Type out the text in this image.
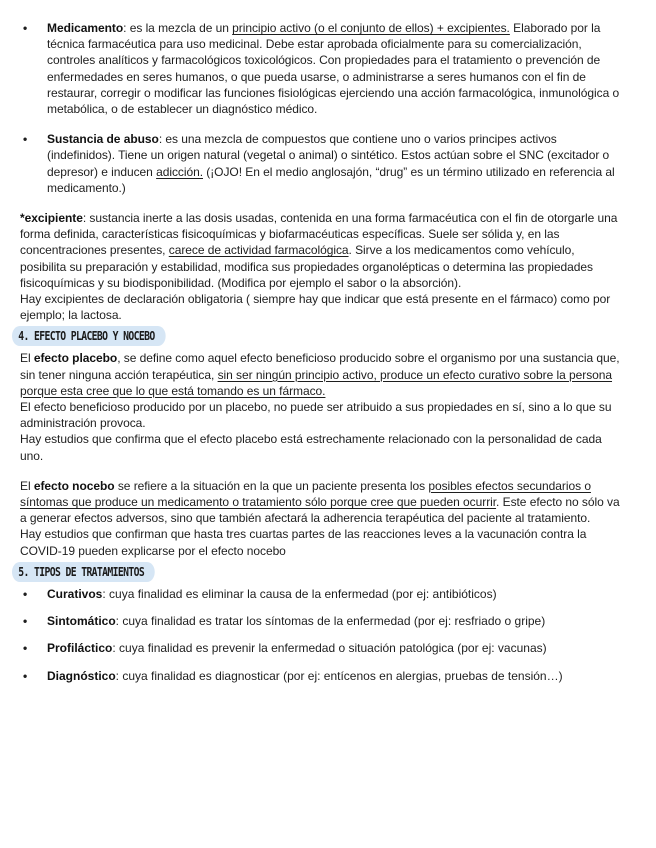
• Medicamento: es la mezcla de un principio activo (o el conjunto de ellos) + excipientes. Elaborado por la técnica farmacéutica para uso medicinal. Debe estar aprobada oficialmente para su comercialización, controles analíticos y farmacológicos toxicológicos. Con propiedades para el tratamiento o prevención de enfermedades en seres humanos, o que pueda usarse, o administrarse a seres humanos con el fin de restaurar, corregir o modificar las funciones fisiológicas ejerciendo una acción farmacológica, inmunológica o metabólica, o de establecer un diagnóstico médico.

• Sustancia de abuso: es una mezcla de compuestos que contiene uno o varios principes activos (indefinidos). Tiene un origen natural (vegetal o animal) o sintético. Estos actúan sobre el SNC (excitador o depresor) e inducen adicción. (¡OJO! En el medio anglosajón, “drug” es un término utilizado en referencia al medicamento.)

*excipiente: sustancia inerte a las dosis usadas, contenida en una forma farmacéutica con el fin de otorgarle una forma definida, características fisicoquímicas y biofarmacéuticas específicas. Suele ser sólida y, en las concentraciones presentes, carece de actividad farmacológica. Sirve a los medicamentos como vehículo, posibilita su preparación y estabilidad, modifica sus propiedades organolépticas o determina las propiedades fisicoquímicas y su biodisponibilidad. (Modifica por ejemplo el sabor o la absorción).

Hay excipientes de declaración obligatoria ( siempre hay que indicar que está presente en el fármaco) como por ejemplo; la lactosa.

4. EFECTO PLACEBO Y NOCEBO

El efecto placebo, se define como aquel efecto beneficioso producido sobre el organismo por una sustancia que, sin tener ninguna acción terapéutica, sin ser ningún principio activo, produce un efecto curativo sobre la persona porque esta cree que lo que está tomando es un fármaco.

El efecto beneficioso producido por un placebo, no puede ser atribuido a sus propiedades en sí, sino a lo que su administración provoca.

Hay estudios que confirma que el efecto placebo está estrechamente relacionado con la personalidad de cada uno.

El efecto nocebo se refiere a la situación en la que un paciente presenta los posibles efectos secundarios o síntomas que produce un medicamento o tratamiento sólo porque cree que pueden ocurrir. Este efecto no sólo va a generar efectos adversos, sino que también afectará la adherencia terapéutica del paciente al tratamiento.

Hay estudios que confirman que hasta tres cuartas partes de las reacciones leves a la vacunación contra la COVID-19 pueden explicarse por el efecto nocebo

5. TIPOS DE TRATAMIENTOS
• Curativos: cuya finalidad es eliminar la causa de la enfermedad (por ej: antibióticos)

• Sintomático: cuya finalidad es tratar los síntomas de la enfermedad (por ej: resfriado o gripe)

• Profiláctico: cuya finalidad es prevenir la enfermedad o situación patológica (por ej: vacunas)

• Diagnóstico: cuya finalidad es diagnosticar (por ej: entícenos en alergias, pruebas de tensión…)
